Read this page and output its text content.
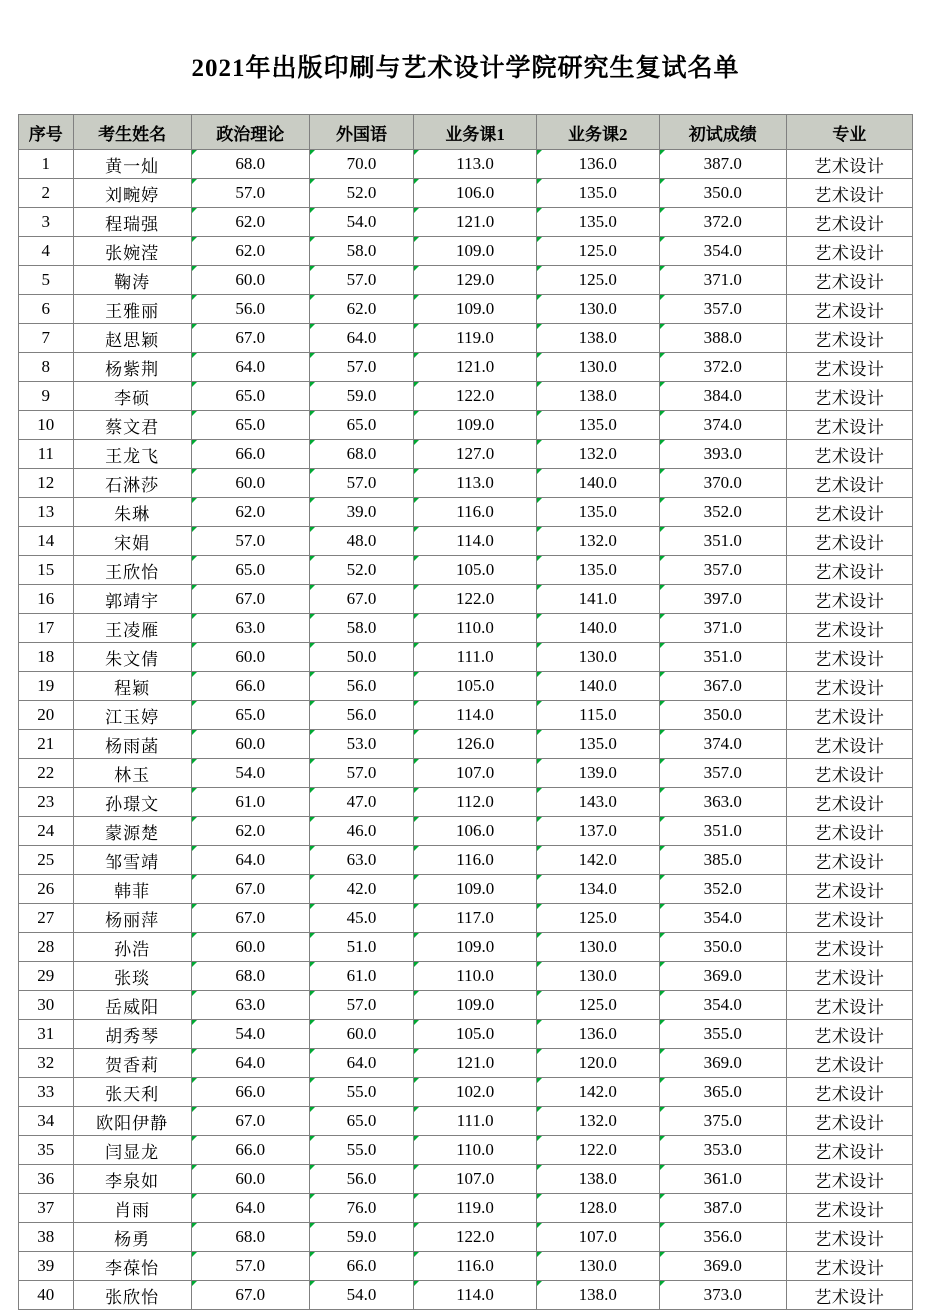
2021年出版印刷与艺术设计学院研究生复试名单
序号	考生姓名	政治理论	外国语	业务课1	业务课2	初试成绩	专业
1	黄一灿	68.0	70.0	113.0	136.0	387.0	艺术设计
2	刘畹婷	57.0	52.0	106.0	135.0	350.0	艺术设计
3	程瑞强	62.0	54.0	121.0	135.0	372.0	艺术设计
4	张婉滢	62.0	58.0	109.0	125.0	354.0	艺术设计
5	鞠涛	60.0	57.0	129.0	125.0	371.0	艺术设计
6	王雅丽	56.0	62.0	109.0	130.0	357.0	艺术设计
7	赵思颖	67.0	64.0	119.0	138.0	388.0	艺术设计
8	杨紫荆	64.0	57.0	121.0	130.0	372.0	艺术设计
9	李硕	65.0	59.0	122.0	138.0	384.0	艺术设计
10	蔡文君	65.0	65.0	109.0	135.0	374.0	艺术设计
11	王龙飞	66.0	68.0	127.0	132.0	393.0	艺术设计
12	石淋莎	60.0	57.0	113.0	140.0	370.0	艺术设计
13	朱琳	62.0	39.0	116.0	135.0	352.0	艺术设计
14	宋娟	57.0	48.0	114.0	132.0	351.0	艺术设计
15	王欣怡	65.0	52.0	105.0	135.0	357.0	艺术设计
16	郭靖宇	67.0	67.0	122.0	141.0	397.0	艺术设计
17	王凌雁	63.0	58.0	110.0	140.0	371.0	艺术设计
18	朱文倩	60.0	50.0	111.0	130.0	351.0	艺术设计
19	程颖	66.0	56.0	105.0	140.0	367.0	艺术设计
20	江玉婷	65.0	56.0	114.0	115.0	350.0	艺术设计
21	杨雨菡	60.0	53.0	126.0	135.0	374.0	艺术设计
22	林玉	54.0	57.0	107.0	139.0	357.0	艺术设计
23	孙璟文	61.0	47.0	112.0	143.0	363.0	艺术设计
24	蒙源楚	62.0	46.0	106.0	137.0	351.0	艺术设计
25	邹雪靖	64.0	63.0	116.0	142.0	385.0	艺术设计
26	韩菲	67.0	42.0	109.0	134.0	352.0	艺术设计
27	杨丽萍	67.0	45.0	117.0	125.0	354.0	艺术设计
28	孙浩	60.0	51.0	109.0	130.0	350.0	艺术设计
29	张琰	68.0	61.0	110.0	130.0	369.0	艺术设计
30	岳威阳	63.0	57.0	109.0	125.0	354.0	艺术设计
31	胡秀琴	54.0	60.0	105.0	136.0	355.0	艺术设计
32	贺香莉	64.0	64.0	121.0	120.0	369.0	艺术设计
33	张天利	66.0	55.0	102.0	142.0	365.0	艺术设计
34	欧阳伊静	67.0	65.0	111.0	132.0	375.0	艺术设计
35	闫显龙	66.0	55.0	110.0	122.0	353.0	艺术设计
36	李泉如	60.0	56.0	107.0	138.0	361.0	艺术设计
37	肖雨	64.0	76.0	119.0	128.0	387.0	艺术设计
38	杨勇	68.0	59.0	122.0	107.0	356.0	艺术设计
39	李葆怡	57.0	66.0	116.0	130.0	369.0	艺术设计
40	张欣怡	67.0	54.0	114.0	138.0	373.0	艺术设计
